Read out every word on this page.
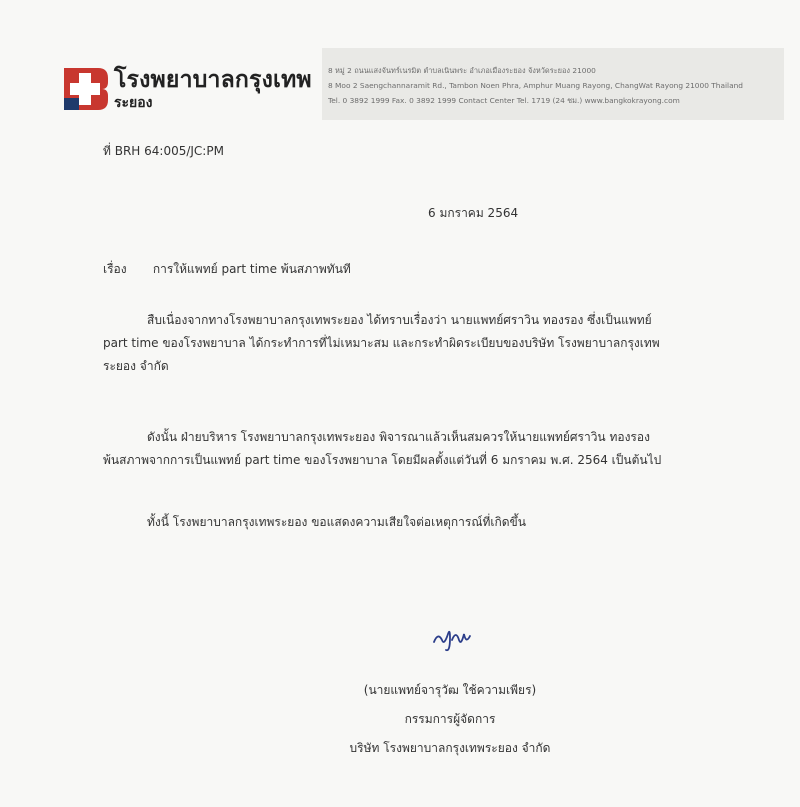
โรงพยาบาลกรุงเทพ
ระยอง
8 หมู่ 2 ถนนแสงจันทร์เนรมิต ตำบลเนินพระ อำเภอเมืองระยอง จังหวัดระยอง 21000
8 Moo 2 Saengchannaramit Rd., Tambon Noen Phra, Amphur Muang Rayong, ChangWat Rayong 21000 Thailand
Tel. 0 3892 1999 Fax. 0 3892 1999 Contact Center Tel. 1719 (24 ชม.) www.bangkokrayong.com
ที่ BRH 64:005/JC:PM
6 มกราคม 2564
เรื่อง การให้แพทย์ part time พ้นสภาพทันที
สืบเนื่องจากทางโรงพยาบาลกรุงเทพระยอง ได้ทราบเรื่องว่า นายแพทย์ศราวิน ทองรอง ซึ่งเป็นแพทย์
part time ของโรงพยาบาล ได้กระทำการที่ไม่เหมาะสม และกระทำผิดระเบียบของบริษัท โรงพยาบาลกรุงเทพ
ระยอง จำกัด
ดังนั้น ฝ่ายบริหาร โรงพยาบาลกรุงเทพระยอง พิจารณาแล้วเห็นสมควรให้นายแพทย์ศราวิน ทองรอง
พ้นสภาพจากการเป็นแพทย์ part time ของโรงพยาบาล โดยมีผลตั้งแต่วันที่ 6 มกราคม พ.ศ. 2564 เป็นต้นไป
ทั้งนี้ โรงพยาบาลกรุงเทพระยอง ขอแสดงความเสียใจต่อเหตุการณ์ที่เกิดขึ้น
(นายแพทย์จารุวัฒ ใช้ความเพียร)
กรรมการผู้จัดการ
บริษัท โรงพยาบาลกรุงเทพระยอง จำกัด
